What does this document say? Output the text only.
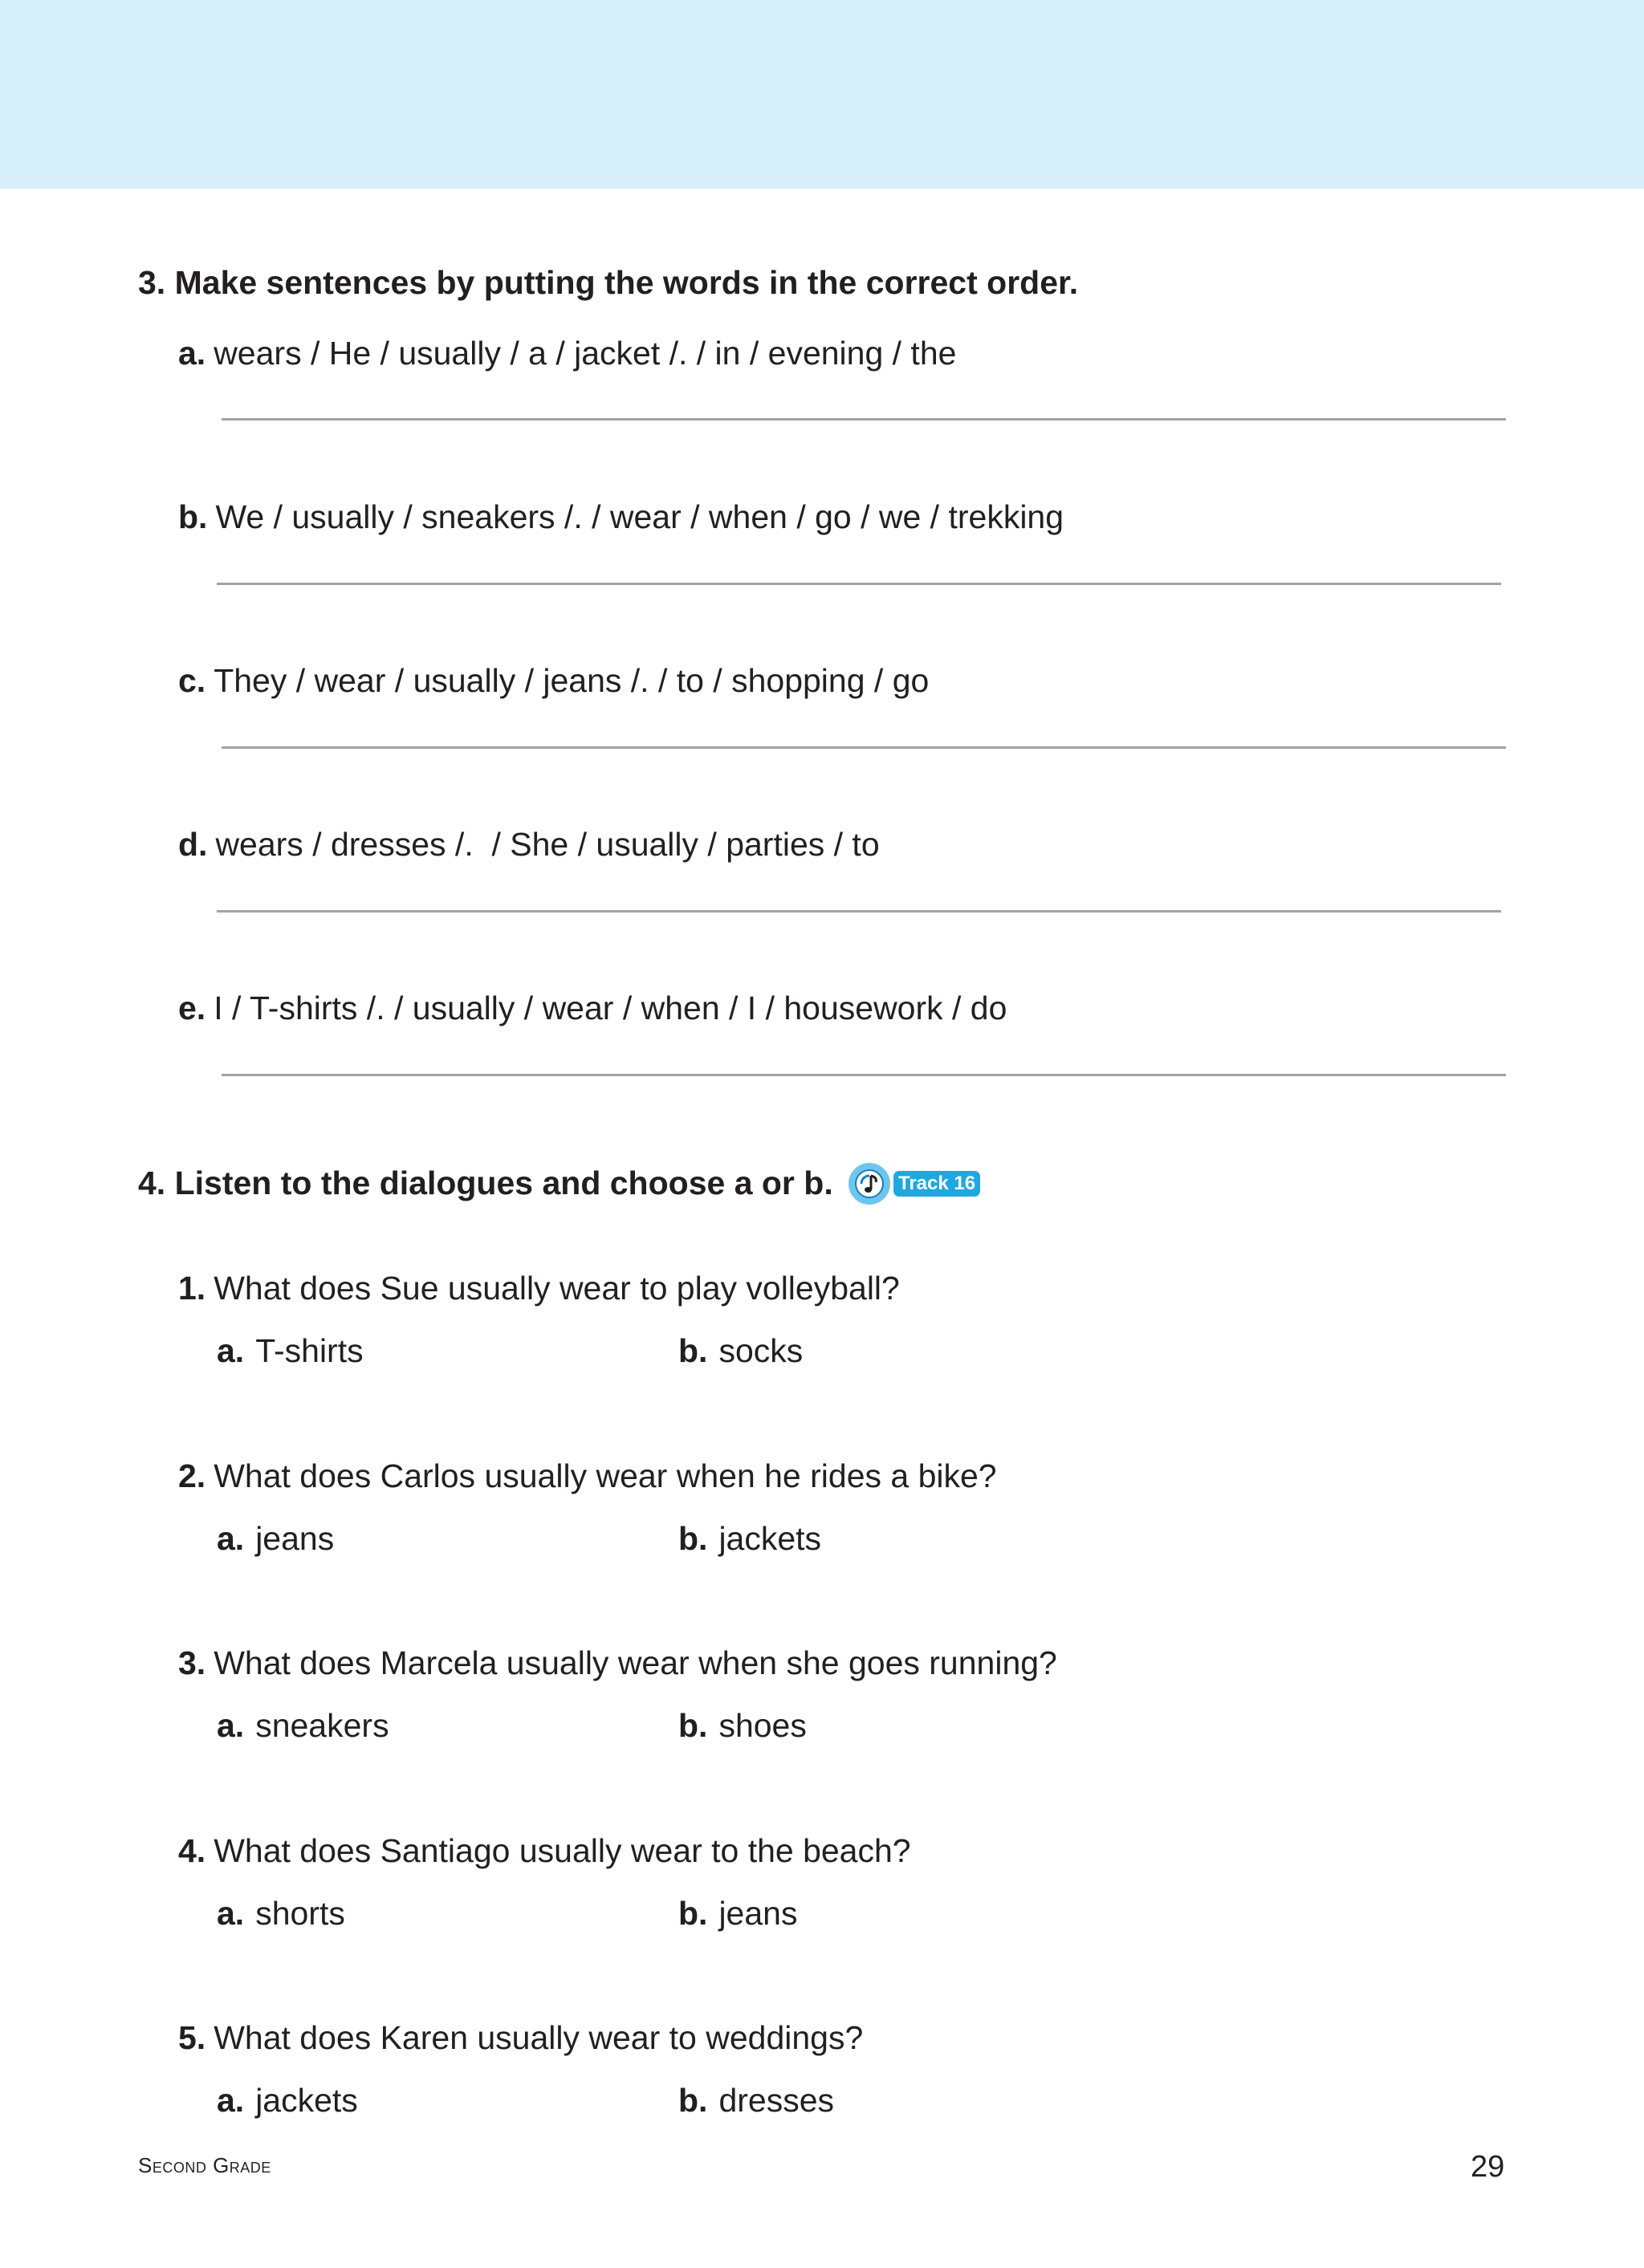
3. Make sentences by putting the words in the correct order.
a. wears / He / usually / a / jacket /. / in / evening / the
b. We / usually / sneakers /. / wear / when / go / we / trekking
c. They / wear / usually / jeans /. / to / shopping / go
d. wears / dresses /.  / She / usually / parties / to
e. I / T-shirts /. / usually / wear / when / I / housework / do
4. Listen to the dialogues and choose a or b.	Track 16
1. What does Sue usually wear to play volleyball?
a. T-shirts	b. socks
2. What does Carlos usually wear when he rides a bike?
a. jeans	b. jackets
3. What does Marcela usually wear when she goes running?
a. sneakers	b. shoes
4. What does Santiago usually wear to the beach?
a. shorts	b. jeans
5. What does Karen usually wear to weddings?
a. jackets	b. dresses
Second Grade	29
